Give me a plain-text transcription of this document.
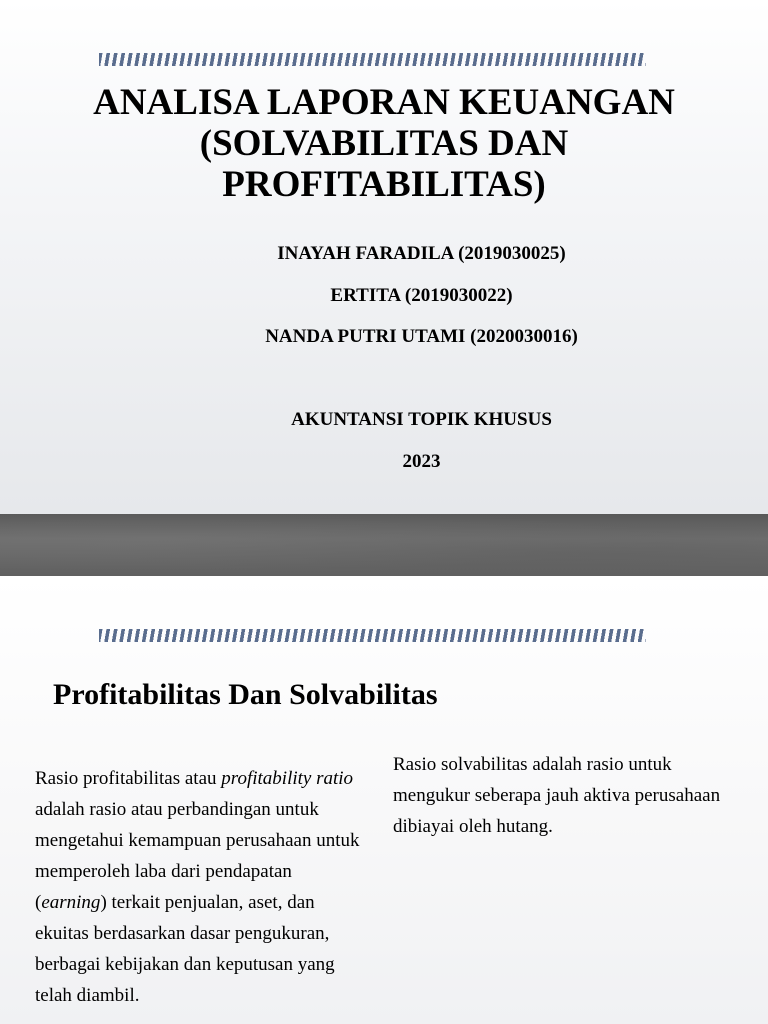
ANALISA LAPORAN KEUANGAN
(SOLVABILITAS DAN
PROFITABILITAS)
INAYAH FARADILA (2019030025)
ERTITA (2019030022)
NANDA PUTRI UTAMI (2020030016)
AKUNTANSI TOPIK KHUSUS
2023
Profitabilitas Dan Solvabilitas
Rasio profitabilitas atau profitability ratio adalah rasio atau perbandingan untuk mengetahui kemampuan perusahaan untuk memperoleh laba dari pendapatan (earning) terkait penjualan, aset, dan ekuitas berdasarkan dasar pengukuran, berbagai kebijakan dan keputusan yang telah diambil.
Rasio solvabilitas adalah rasio untuk mengukur seberapa jauh aktiva perusahaan dibiayai oleh hutang.
